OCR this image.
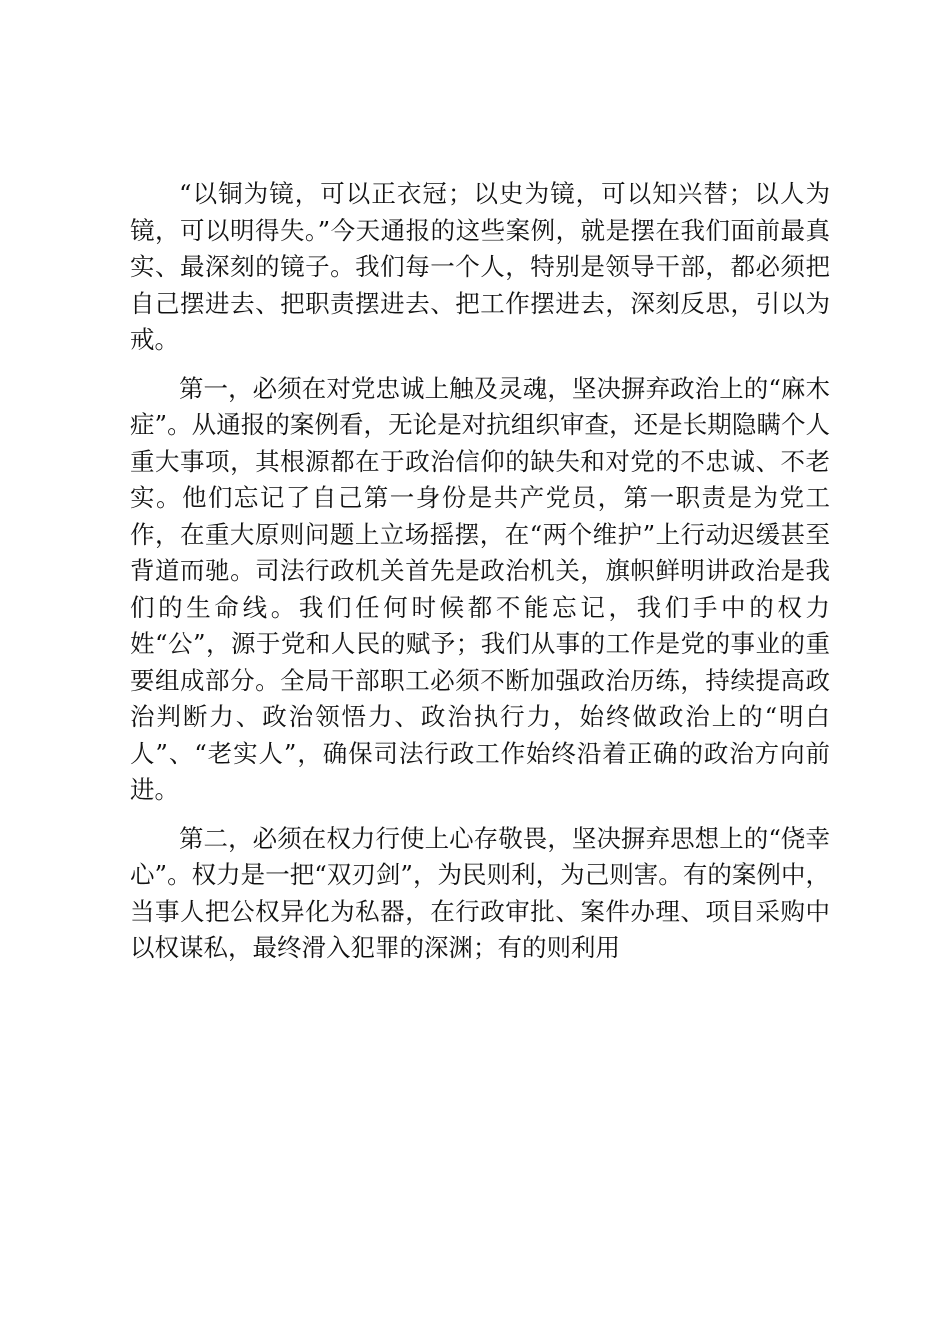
“以铜为镜，可以正衣冠；以史为镜，可以知兴替；以人为镜，可以明得失。”今天通报的这些案例，就是摆在我们面前最真实、最深刻的镜子。我们每一个人，特别是领导干部，都必须把自己摆进去、把职责摆进去、把工作摆进去，深刻反思，引以为戒。

第一，必须在对党忠诚上触及灵魂，坚决摒弃政治上的“麻木症”。从通报的案例看，无论是对抗组织审查，还是长期隐瞒个人重大事项，其根源都在于政治信仰的缺失和对党的不忠诚、不老实。他们忘记了自己第一身份是共产党员，第一职责是为党工作，在重大原则问题上立场摇摆，在“两个维护”上行动迟缓甚至背道而驰。司法行政机关首先是政治机关，旗帜鲜明讲政治是我们的生命线。我们任何时候都不能忘记，我们手中的权力姓“公”，源于党和人民的赋予；我们从事的工作是党的事业的重要组成部分。全局干部职工必须不断加强政治历练，持续提高政治判断力、政治领悟力、政治执行力，始终做政治上的“明白人”、“老实人”，确保司法行政工作始终沿着正确的政治方向前进。

第二，必须在权力行使上心存敬畏，坚决摒弃思想上的“侥幸心”。权力是一把“双刃剑”，为民则利，为己则害。有的案例中，当事人把公权异化为私器，在行政审批、案件办理、项目采购中以权谋私，最终滑入犯罪的深渊；有的则利用
